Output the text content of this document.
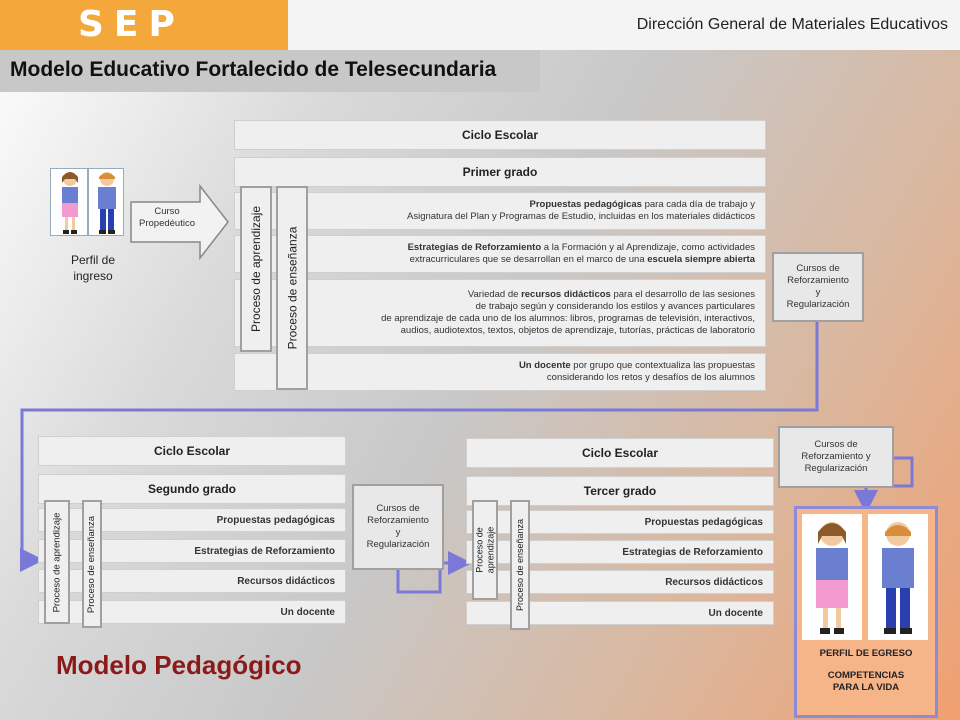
SEP	Dirección General de Materiales Educativos
Modelo Educativo Fortalecido de Telesecundaria
Perfil de
ingreso
Curso
Propedéutico
Ciclo Escolar
Primer grado
Propuestas pedagógicas para cada día de trabajo y
Asignatura del Plan y Programas de Estudio, incluidas en los materiales didácticos
Estrategias de Reforzamiento a la Formación y al Aprendizaje, como actividades
extracurriculares que se desarrollan en el marco de una escuela siempre abierta
Variedad de recursos didácticos para el desarrollo de las sesiones
de trabajo según y considerando los estilos y avances particulares
de aprendizaje de cada uno de los alumnos: libros, programas de televisión, interactivos,
audios, audiotextos, textos, objetos de aprendizaje, tutorías, prácticas de laboratorio
Un docente por grupo que contextualiza las propuestas
considerando los retos y desafíos de los alumnos
Proceso de aprendizaje Proceso de enseñanza	Cursos de
Reforzamiento
y
Regularización
Ciclo Escolar
Segundo grado
Propuestas pedagógicas
Estrategias de Reforzamiento
Recursos didácticos
Un docente
Proceso de aprendizaje	Proceso de enseñanza
Cursos de
Reforzamiento
y
Regularización
Ciclo Escolar
Tercer grado
Propuestas pedagógicas
Estrategias de Reforzamiento
Recursos didácticos
Un docente
Proceso de aprendizaje Proceso de enseñanza
Cursos de
Reforzamiento y
Regularización
PERFIL DE EGRESO
COMPETENCIAS
PARA LA VIDA
Modelo Pedagógico
